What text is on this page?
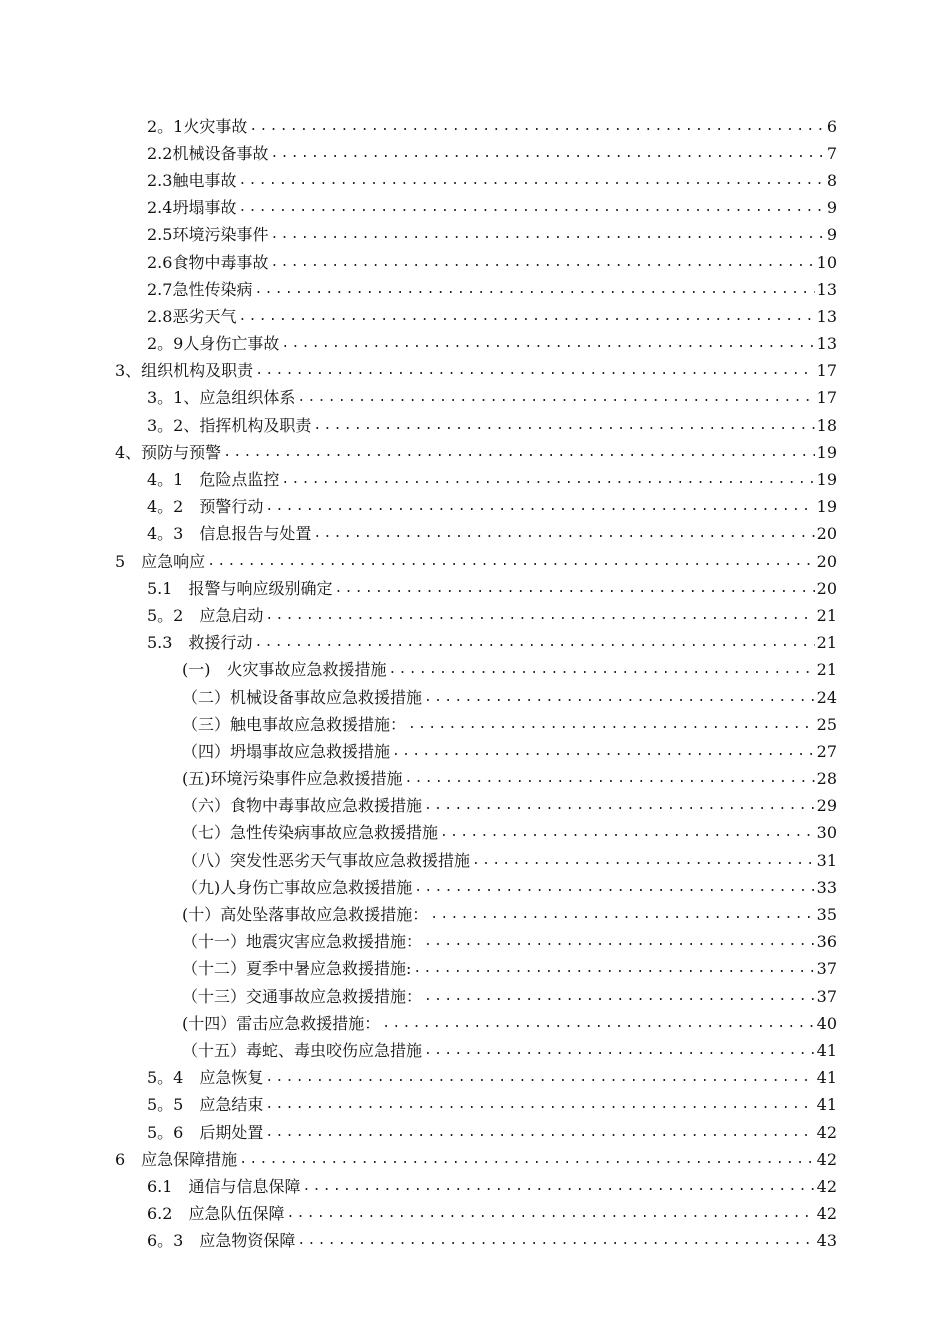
2。1火灾事故 .....	6
2.2机械设备事故 .....	7
2.3触电事故 .....	8
2.4坍塌事故 .....	9
2.5环境污染事件 .....	9
2.6食物中毒事故 .....	10
2.7急性传染病 .....	13
2.8恶劣天气 .....	13
2。9人身伤亡事故 .....	13
3、组织机构及职责 .....	17
3。1、应急组织体系 .....	17
3。2、指挥机构及职责 .....	18
4、预防与预警 .....	19
4。1　危险点监控 .....	19
4。2　预警行动 .....	19
4。3　信息报告与处置 .....	20
5　应急响应 .....	20
5.1　报警与响应级别确定 .....	20
5。2　应急启动 .....	21
5.3　救援行动 .....	21
(一)　火灾事故应急救援措施 .....	21
（二）机械设备事故应急救援措施 .....	24
（三）触电事故应急救援措施： .....	25
（四）坍塌事故应急救援措施 .....	27
(五)环境污染事件应急救援措施 .....	28
（六）食物中毒事故应急救援措施 .....	29
（七）急性传染病事故应急救援措施 .....	30
（八）突发性恶劣天气事故应急救援措施 .....	31
（九)人身伤亡事故应急救援措施 .....	33
(十）高处坠落事故应急救援措施： .....	35
（十一）地震灾害应急救援措施： .....	36
（十二）夏季中暑应急救援措施: .....	37
（十三）交通事故应急救援措施： .....	37
(十四）雷击应急救援措施： .....	40
（十五）毒蛇、毒虫咬伤应急措施 .....	41
5。4　应急恢复 .....	41
5。5　应急结束 .....	41
5。6　后期处置 .....	42
6　应急保障措施 .....	42
6.1　通信与信息保障 .....	42
6.2　应急队伍保障 .....	42
6。3　应急物资保障 .....	43
